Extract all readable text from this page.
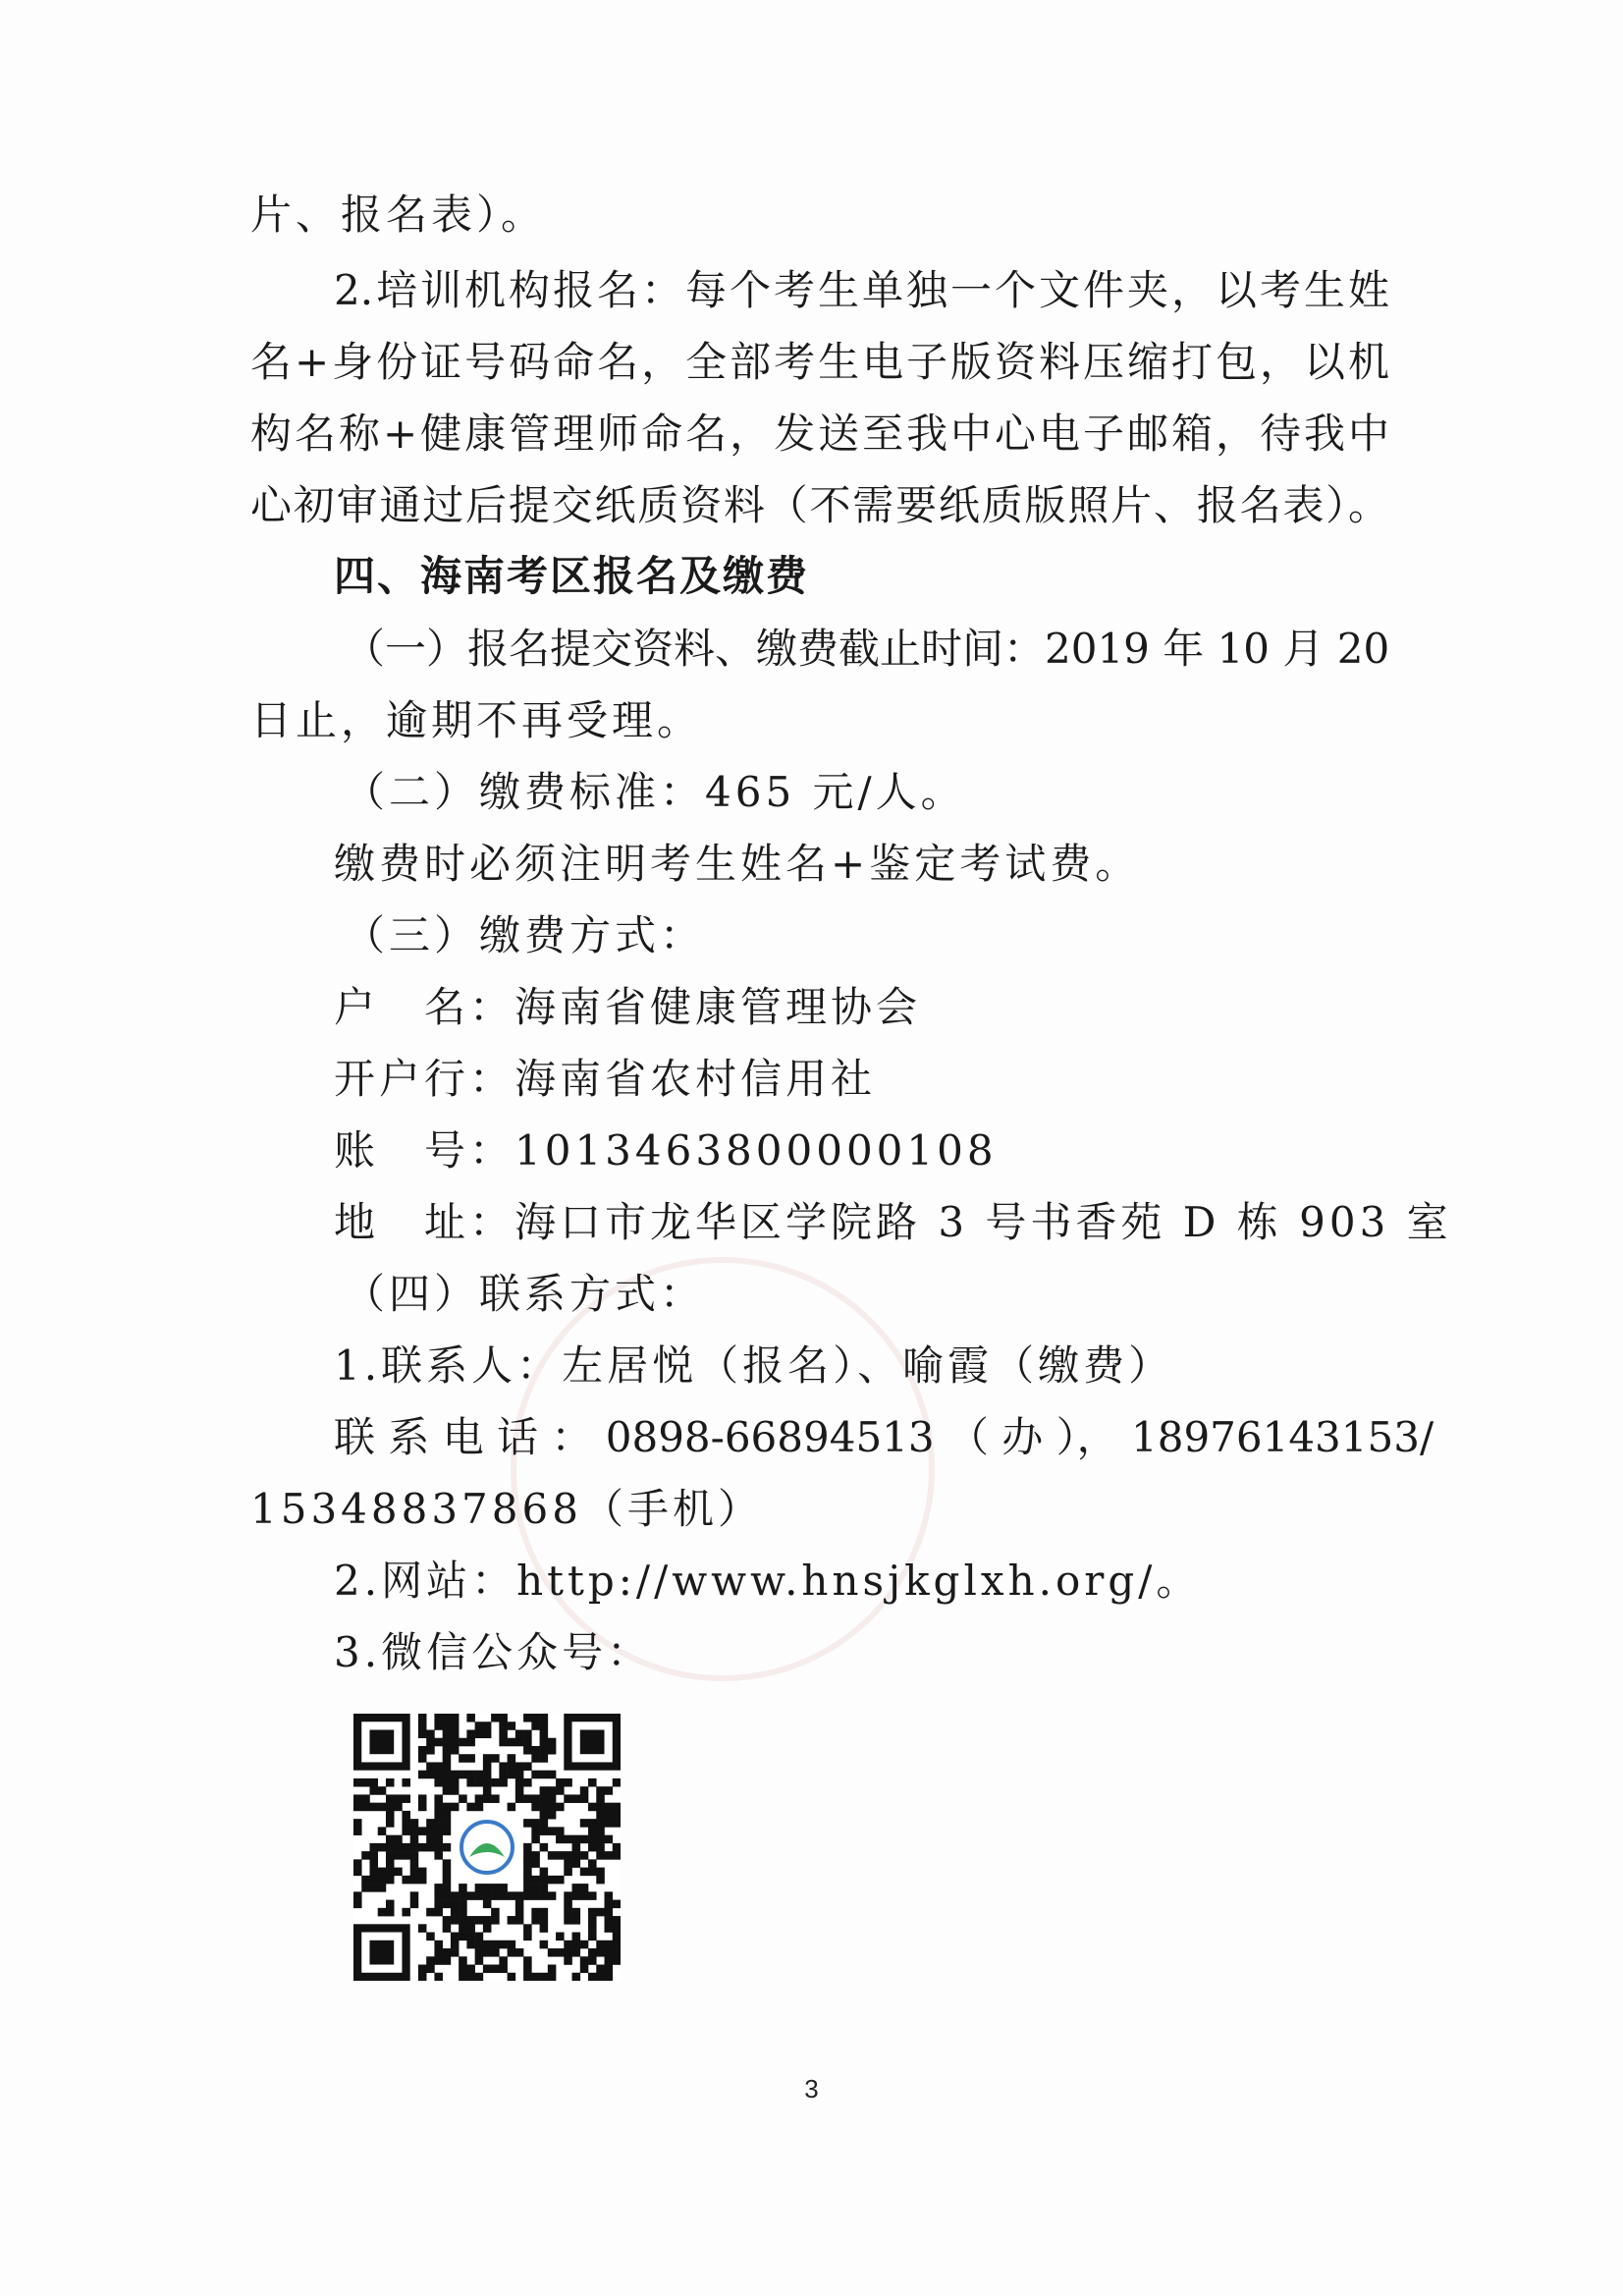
片、报名表）。
2.培训机构报名：每个考生单独一个文件夹，以考生姓
名+身份证号码命名，全部考生电子版资料压缩打包，以机
构名称+健康管理师命名，发送至我中心电子邮箱，待我中
心初审通过后提交纸质资料（不需要纸质版照片、报名表）。
四、海南考区报名及缴费
（一）报名提交资料、缴费截止时间：2019 年 10 月 20
日止，逾期不再受理。
（二）缴费标准：465 元/人。
缴费时必须注明考生姓名+鉴定考试费。
（三）缴费方式：
户　名：海南省健康管理协会
开户行：海南省农村信用社
账　号：1013463800000108
地　址：海口市龙华区学院路 3 号书香苑 D 栋 903 室
（四）联系方式：
1.联系人：左居悦（报名）、喻霞（缴费）
联 系 电 话 ： 0898-66894513 （ 办 ）， 18976143153/
15348837868（手机）
2.网站：http://www.hnsjkglxh.org/。
3.微信公众号：
3
